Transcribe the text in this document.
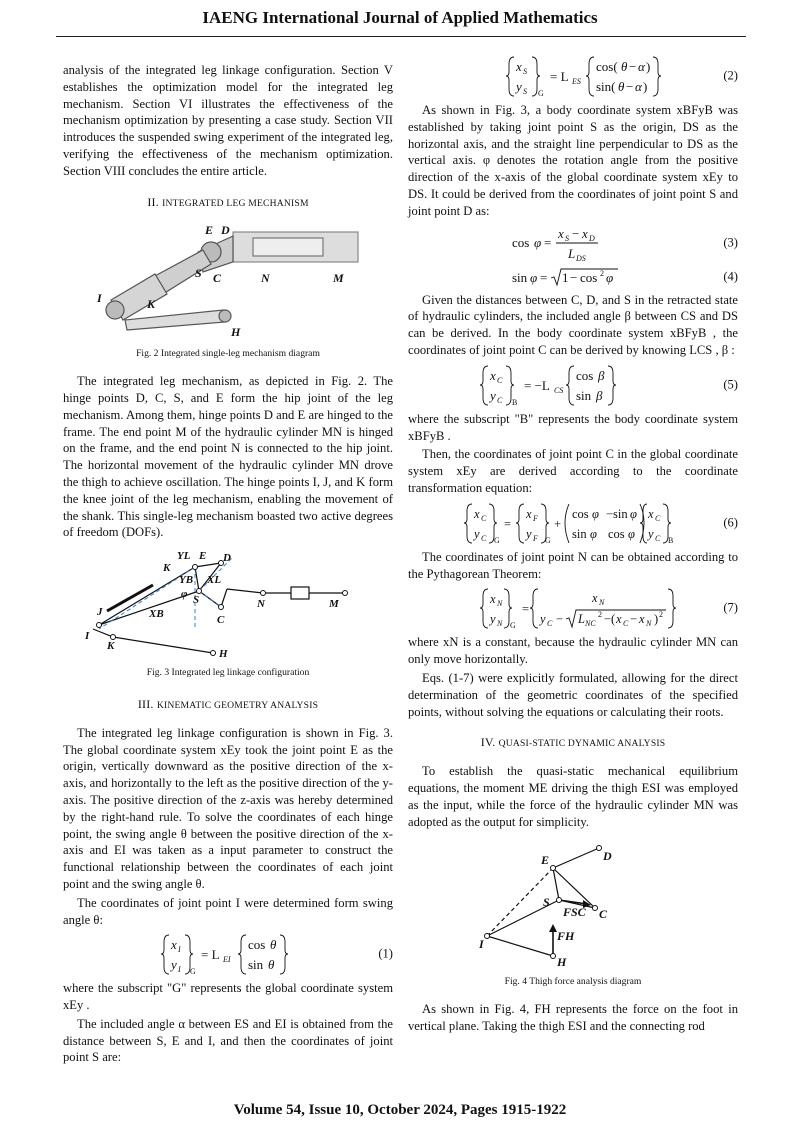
IAENG International Journal of Applied Mathematics

analysis of the integrated leg linkage configuration. Section V establishes the optimization model for the integrated leg mechanism. Section VI illustrates the effectiveness of the mechanism optimization by presenting a case study. Section VII introduces the suspended swing experiment of the integrated leg, verifying the effectiveness of the mechanism optimization. Section VIII concludes the entire article.

II. INTEGRATED LEG MECHANISM
E D
S C	N	M
I	K
H
Fig. 2 Integrated single-leg mechanism diagram

The integrated leg mechanism, as depicted in Fig. 2. The hinge points D, C, S, and E form the hip joint of the leg mechanism. Among them, hinge points D and E are hinged to the frame. The end point M of the hydraulic cylinder MN is hinged on the frame, and the end point N is connected to the hip joint. The horizontal movement of the hydraulic cylinder MN drove the thigh to achieve oscillation. The hinge points I, J, and K form the knee joint of the leg mechanism, enabling the movement of the shank. This single-leg mechanism boasted two active degrees of freedom (DOFs).

YL E D
K
XL
YB
S
φ
N	M
XB	C
J
I
K
H
Fig. 3 Integrated leg linkage configuration
III. KINEMATIC GEOMETRY ANALYSIS

The integrated leg linkage configuration is shown in Fig. 3. The global coordinate system xEy took the joint point E as the origin, vertically downward as the positive direction of the x-axis, and horizontally to the left as the positive direction of the y-axis. The positive direction of the z-axis was hereby determined by the right-hand rule. To solve the coordinates of each hinge point, the swing angle θ between the positive direction of the x-axis and EI was taken as a input parameter to construct the functional relationship between the coordinates of each joint point and the swing angle θ.

The coordinates of joint point I were determined form swing angle θ:

x I
y I
= L EI
cos θ
sin θ
G
(1)

where the subscript "G" represents the global coordinate system xEy .

The included angle α between ES and EI is obtained from the distance between S, E and I, and then the coordinates of joint point S are:

x S
y S G
= L ES
cos( θ − α )
sin( θ − α )
(2)

As shown in Fig. 3, a body coordinate system xBFyB was established by taking joint point S as the origin, DS as the horizontal axis, and the straight line perpendicular to DS as the vertical axis. φ denotes the rotation angle from the positive direction of the x-axis of the global coordinate system xEy to DS. It could be derived from the coordinates of joint point S and joint point D as:

cos φ =
x S − x D
L DS
(3)
sin φ = 1 − cos 2 φ	(4)

Given the distances between C, D, and S in the retracted state of hydraulic cylinders, the included angle β between CS and DS can be derived. In the body coordinate system xBFyB , the coordinates of joint point C can be derived by knowing LCS , β :

x C
y C B
= −L CS
cos β
sin β
(5)

where the subscript "B" represents the body coordinate system xBFyB .

Then, the coordinates of joint point C in the global coordinate system xEy are derived according to the coordinate transformation equation:

x C
y C G
=
x F
y F G
+
cos φ −sin φ
sin φ cos φ
x C
y C B
(6)

The coordinates of joint point N can be obtained according to the Pythagorean Theorem:

x N
y N G
=
x N
y C − L NC
2 −( x C − x N ) 2	(7)

where xN is a constant, because the hydraulic cylinder MN can only move horizontally.

Eqs. (1-7) were explicitly formulated, allowing for the direct determination of the geometric coordinates of the specified points, without solving the equations or calculating their roots.

IV. QUASI-STATIC DYNAMIC ANALYSIS

To establish the quasi-static mechanical equilibrium equations, the moment ME driving the thigh ESI was employed as the input, while the force of the hydraulic cylinder MN was adopted as the output for simplicity.

E	D
S
FSC C
FH
I
H
Fig. 4 Thigh force analysis diagram

As shown in Fig. 4, FH represents the force on the foot in vertical plane. Taking the thigh ESI and the connecting rod

Volume 54, Issue 10, October 2024, Pages 1915-1922
